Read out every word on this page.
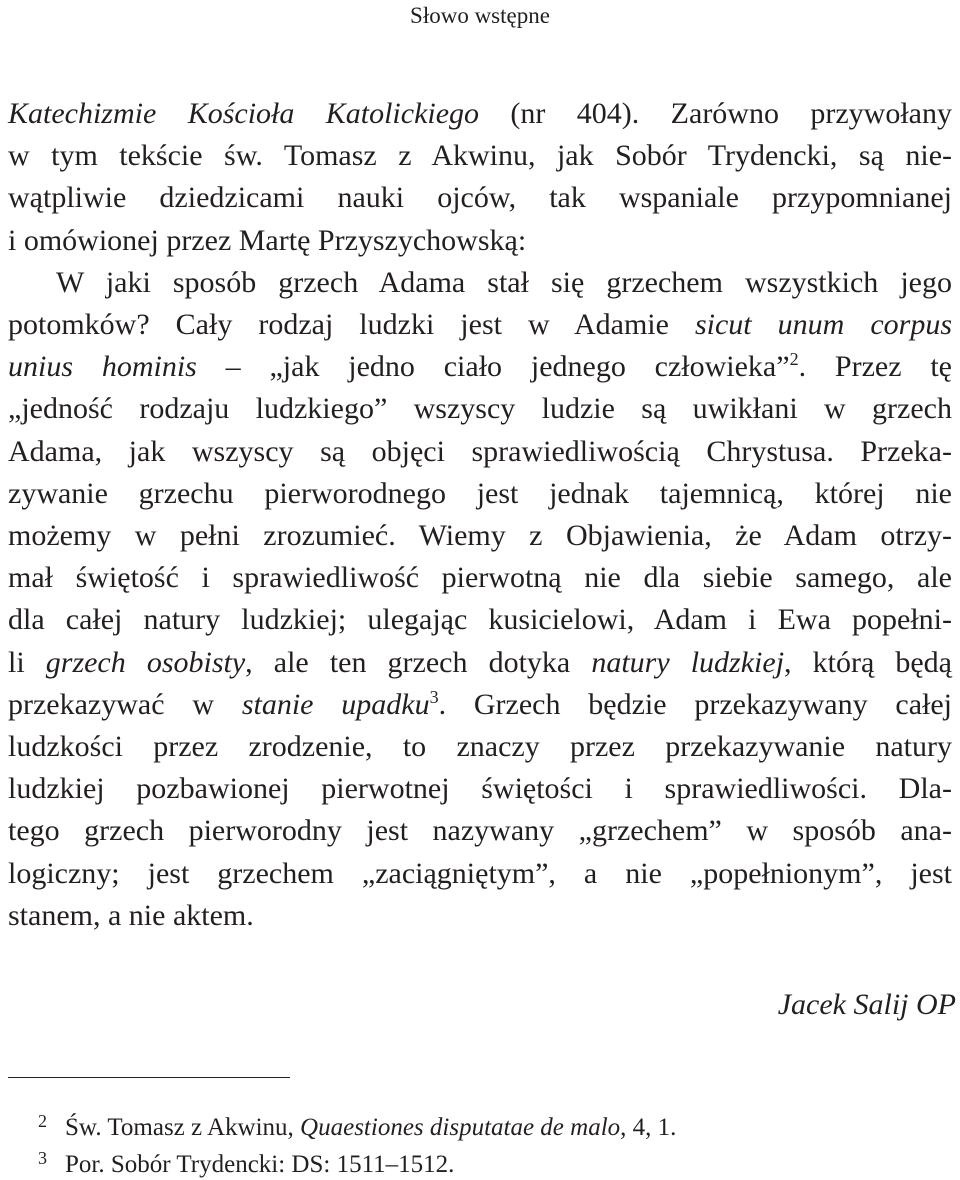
Słowo wstępne
Katechizmie Kościoła Katolickiego (nr 404). Zarówno przywołany
w tym tekście św. Tomasz z Akwinu, jak Sobór Trydencki, są nie-
wątpliwie dziedzicami nauki ojców, tak wspaniale przypomnianej
i omówionej przez Martę Przyszychowską:
W jaki sposób grzech Adama stał się grzechem wszystkich jego
potomków? Cały rodzaj ludzki jest w Adamie sicut unum corpus
unius hominis – „jak jedno ciało jednego człowieka”$^2$. Przez tę
„jedność rodzaju ludzkiego” wszyscy ludzie są uwikłani w grzech
Adama, jak wszyscy są objęci sprawiedliwością Chrystusa. Przeka-
zywanie grzechu pierworodnego jest jednak tajemnicą, której nie
możemy w pełni zrozumieć. Wiemy z Objawienia, że Adam otrzy-
mał świętość i sprawiedliwość pierwotną nie dla siebie samego, ale
dla całej natury ludzkiej; ulegając kusicielowi, Adam i Ewa popełni-
li grzech osobisty, ale ten grzech dotyka natury ludzkiej, którą będą
przekazywać w stanie upadku$^3$. Grzech będzie przekazywany całej
ludzkości przez zrodzenie, to znaczy przez przekazywanie natury
ludzkiej pozbawionej pierwotnej świętości i sprawiedliwości. Dla-
tego grzech pierworodny jest nazywany „grzechem” w sposób ana-
logiczny; jest grzechem „zaciągniętym”, a nie „popełnionym”, jest
stanem, a nie aktem.
Jacek Salij OP
2 Św. Tomasz z Akwinu, Quaestiones disputatae de malo, 4, 1.
3 Por. Sobór Trydencki: DS: 1511–1512.
